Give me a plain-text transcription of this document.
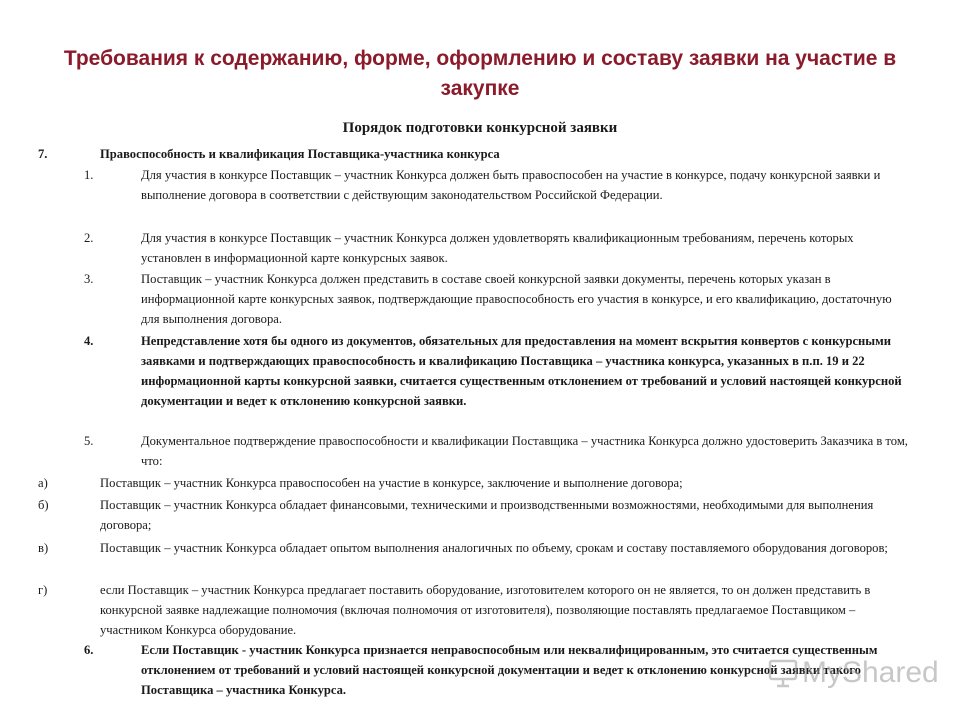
Требования к содержанию, форме, оформлению и составу заявки на участие в закупке
Порядок подготовки конкурсной заявки
7.	Правоспособность и квалификация Поставщика-участника конкурса
1.	Для участия в конкурсе Поставщик – участник Конкурса должен быть правоспособен на участие в конкурсе, подачу конкурсной заявки и выполнение договора в соответствии с действующим законодательством Российской Федерации.
2.	Для участия в конкурсе Поставщик – участник Конкурса должен удовлетворять квалификационным требованиям, перечень которых установлен в информационной карте конкурсных заявок.
3.	Поставщик – участник Конкурса должен представить в составе своей конкурсной заявки документы, перечень которых указан в информационной карте конкурсных заявок, подтверждающие правоспособность его участия в конкурсе, и его квалификацию, достаточную для выполнения договора.
4.	Непредставление хотя бы одного из документов, обязательных для предоставления на момент вскрытия конвертов с конкурсными заявками и подтверждающих правоспособность и квалификацию Поставщика – участника конкурса, указанных в п.п. 19 и 22 информационной карты конкурсной заявки, считается существенным отклонением от требований и условий настоящей конкурсной документации и ведет к отклонению конкурсной заявки.
5.	Документальное подтверждение правоспособности и квалификации Поставщика – участника Конкурса должно удостоверить Заказчика в том, что:
а)	Поставщик – участник Конкурса правоспособен на участие в конкурсе, заключение и выполнение договора;
б)	Поставщик – участник Конкурса обладает финансовыми, техническими и производственными возможностями, необходимыми для выполнения договора;
в)	Поставщик – участник Конкурса обладает опытом выполнения аналогичных по объему, срокам и составу поставляемого оборудования договоров;
г)	если Поставщик – участник Конкурса предлагает поставить оборудование, изготовителем которого он не является, то он должен представить в конкурсной заявке надлежащие полномочия (включая полномочия от изготовителя), позволяющие поставлять предлагаемое Поставщиком – участником Конкурса оборудование.
6.	Если Поставщик - участник Конкурса признается неправоспособным или неквалифицированным, это считается существенным отклонением от требований и условий настоящей конкурсной документации и ведет к отклонению конкурсной заявки такого Поставщика – участника Конкурса.
MyShared
